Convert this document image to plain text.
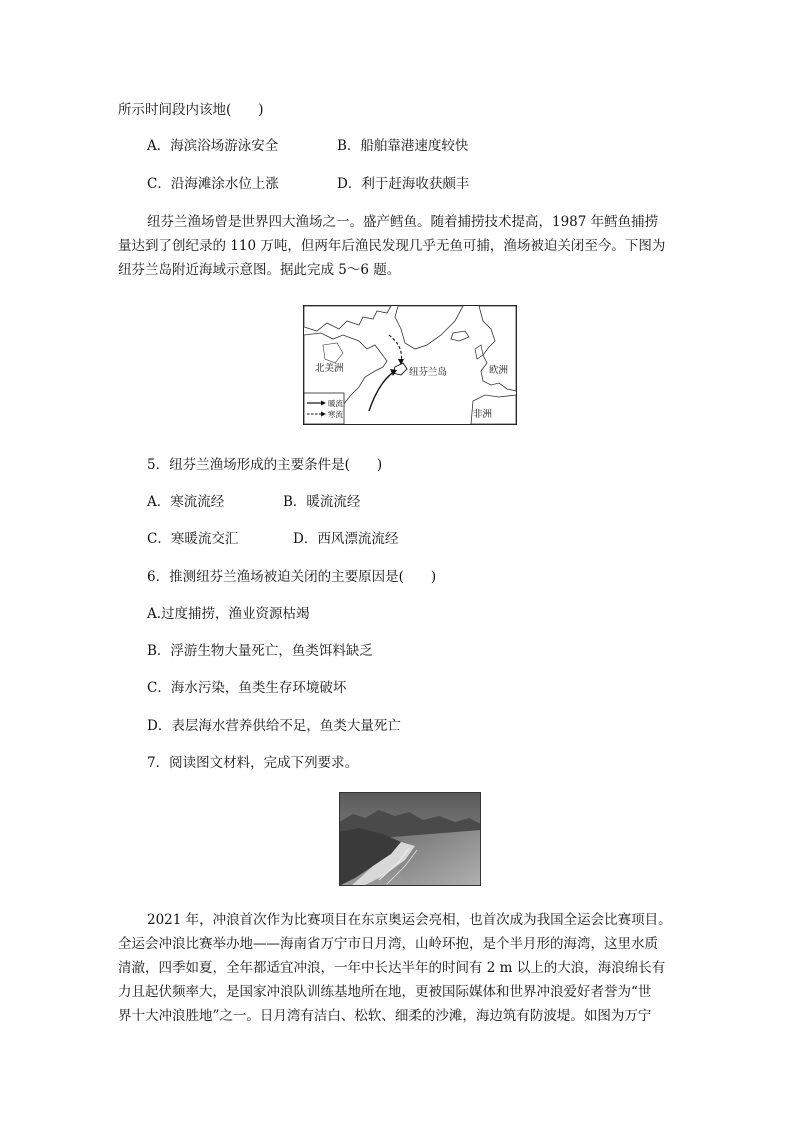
所示时间段内该地(　　)
A．海滨浴场游泳安全	B．船舶靠港速度较快
C．沿海滩涂水位上涨	D．利于赶海收获颇丰
纽芬兰渔场曾是世界四大渔场之一。盛产鳕鱼。随着捕捞技术提高，1987 年鳕鱼捕捞
量达到了创纪录的 110 万吨，但两年后渔民发现几乎无鱼可捕，渔场被迫关闭至今。下图为
纽芬兰岛附近海域示意图。据此完成 5～6 题。
北美洲	纽芬兰岛	欧洲
非洲
暖流
寒流
5．纽芬兰渔场形成的主要条件是(　　)
A．寒流流经	B．暖流流经
C．寒暖流交汇	D．西风漂流流经
6．推测纽芬兰渔场被迫关闭的主要原因是(　　)
A.过度捕捞，渔业资源枯竭
B．浮游生物大量死亡，鱼类饵料缺乏
C．海水污染，鱼类生存环境破坏
D．表层海水营养供给不足，鱼类大量死亡
7．阅读图文材料，完成下列要求。
2021 年，冲浪首次作为比赛项目在东京奥运会亮相，也首次成为我国全运会比赛项目。
全运会冲浪比赛举办地——海南省万宁市日月湾，山岭环抱，是个半月形的海湾，这里水质
清澈，四季如夏，全年都适宜冲浪，一年中长达半年的时间有 2 m 以上的大浪，海浪绵长有
力且起伏频率大，是国家冲浪队训练基地所在地，更被国际媒体和世界冲浪爱好者誉为“世
界十大冲浪胜地”之一。日月湾有洁白、松软、细柔的沙滩，海边筑有防波堤。如图为万宁
